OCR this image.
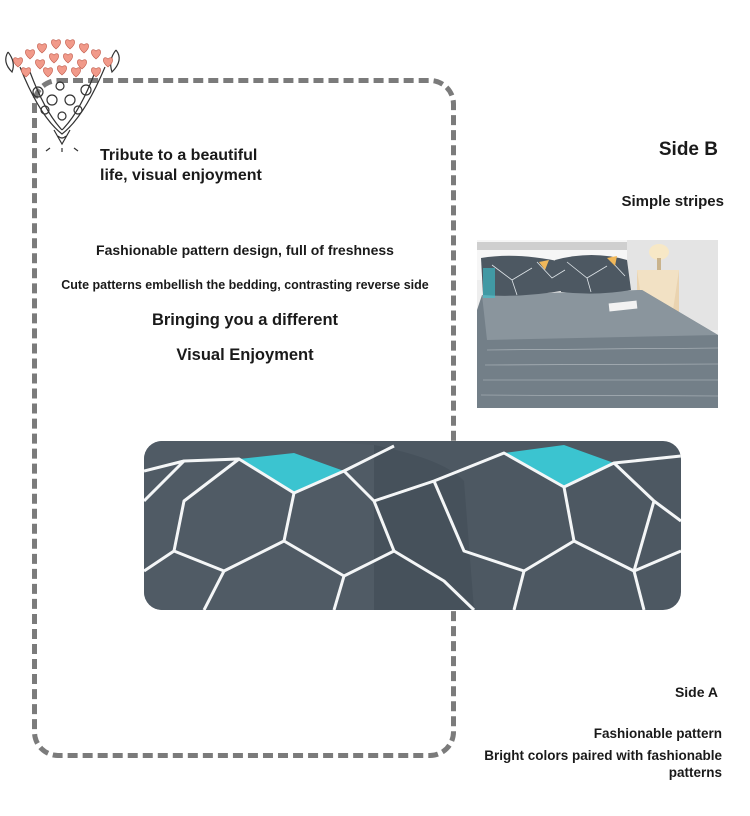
Tribute to a beautiful
life, visual enjoyment
Fashionable pattern design, full of freshness
Cute patterns embellish the bedding, contrasting reverse side
Bringing you a different
Visual Enjoyment
Side B
Simple stripes
Side A
Fashionable pattern
Bright colors paired with fashionable patterns
